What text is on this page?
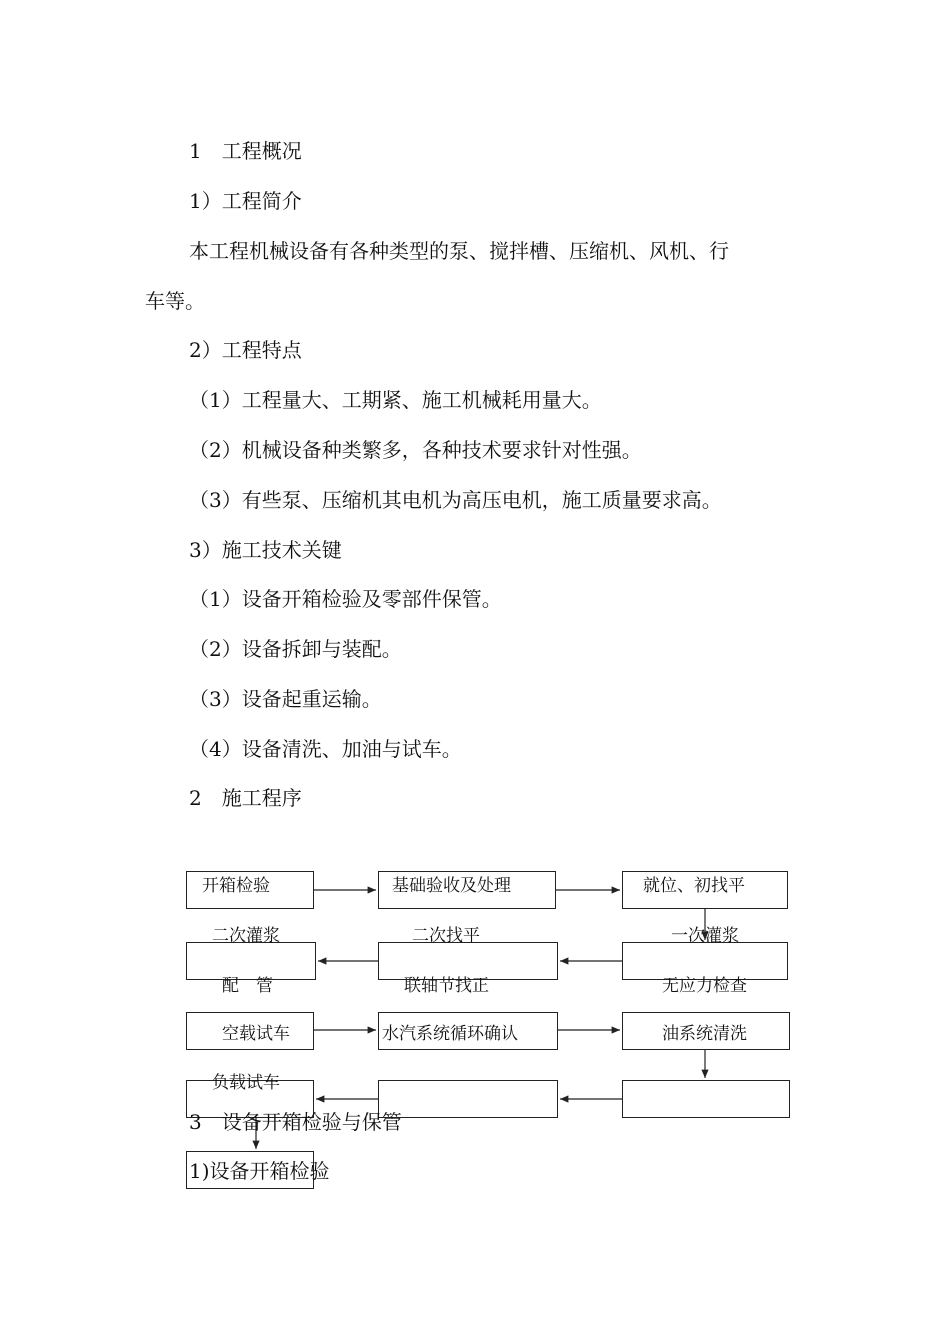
1　工程概况
1）工程简介
本工程机械设备有各种类型的泵、搅拌槽、压缩机、风机、行
车等。
2）工程特点
（1）工程量大、工期紧、施工机械耗用量大。
（2）机械设备种类繁多，各种技术要求针对性强。
（3）有些泵、压缩机其电机为高压电机，施工质量要求高。
3）施工技术关键
（1）设备开箱检验及零部件保管。
（2）设备拆卸与装配。
（3）设备起重运输。
（4）设备清洗、加油与试车。
2　施工程序
开箱检验	基础验收及处理	就位、初找平
二次灌浆	二次找平	一次灌浆
配　管	联轴节找正	无应力检查
空载试车	水汽系统循环确认	油系统清洗
负载试车
3　设备开箱检验与保管
1)设备开箱检验
